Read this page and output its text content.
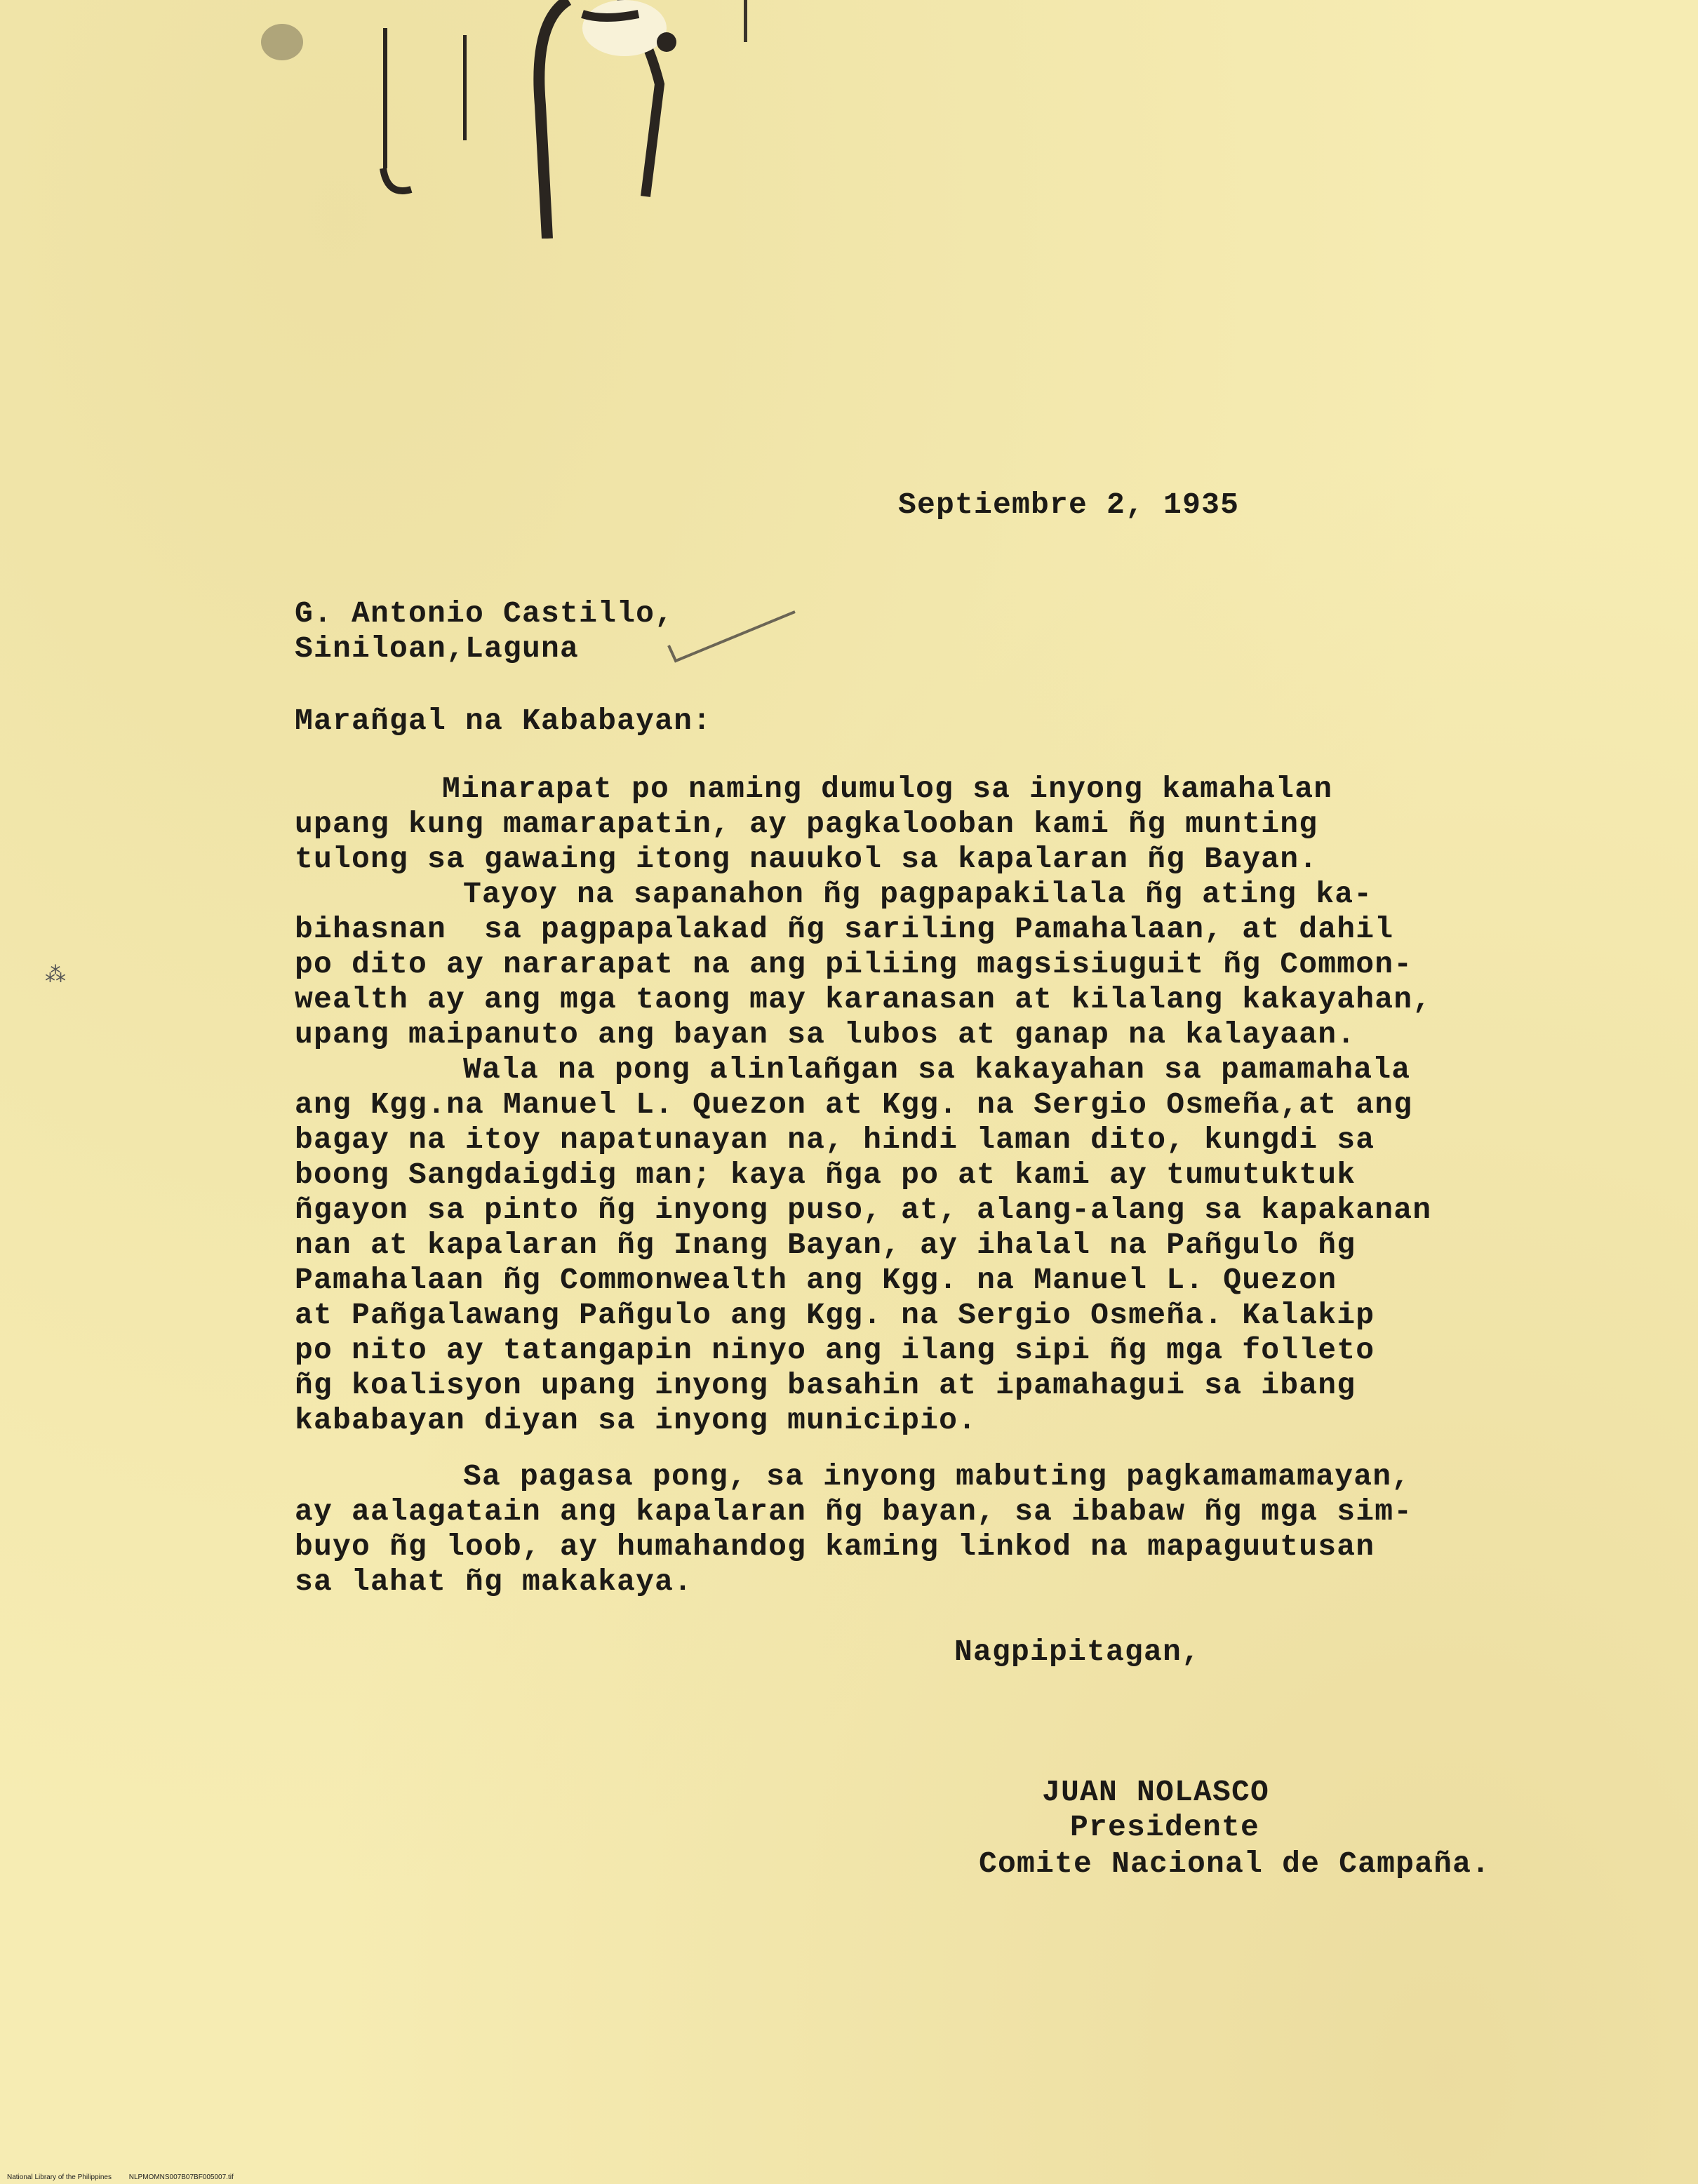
Septiembre 2, 1935
G. Antonio Castillo,
Siniloan,Laguna
Marañgal na Kababayan:
Minarapat po naming dumulog sa inyong kamahalan
upang kung mamarapatin, ay pagkalooban kami ñg munting
tulong sa gawaing itong nauukol sa kapalaran ñg Bayan.
Tayoy na sapanahon ñg pagpapakilala ñg ating ka-
bihasnan  sa pagpapalakad ñg sariling Pamahalaan, at dahil
po dito ay nararapat na ang piliing magsisiuguit ñg Common-
wealth ay ang mga taong may karanasan at kilalang kakayahan,
upang maipanuto ang bayan sa lubos at ganap na kalayaan.
Wala na pong alinlañgan sa kakayahan sa pamamahala
ang Kgg.na Manuel L. Quezon at Kgg. na Sergio Osmeña,at ang
bagay na itoy napatunayan na, hindi laman dito, kungdi sa
boong Sangdaigdig man; kaya ñga po at kami ay tumutuktuk
ñgayon sa pinto ñg inyong puso, at, alang-alang sa kapakanan
nan at kapalaran ñg Inang Bayan, ay ihalal na Pañgulo ñg
Pamahalaan ñg Commonwealth ang Kgg. na Manuel L. Quezon
at Pañgalawang Pañgulo ang Kgg. na Sergio Osmeña. Kalakip
po nito ay tatangapin ninyo ang ilang sipi ñg mga folleto
ñg koalisyon upang inyong basahin at ipamahagui sa ibang
kababayan diyan sa inyong municipio.
Sa pagasa pong, sa inyong mabuting pagkamamamayan,
ay aalagatain ang kapalaran ñg bayan, sa ibabaw ñg mga sim-
buyo ñg loob, ay humahandog kaming linkod na mapaguutusan
sa lahat ñg makakaya.
Nagpipitagan,
JUAN NOLASCO
Presidente
Comite Nacional de Campaña.
⁂
National Library of the Philippines NLPMOMNS007B07BF005007.tif
